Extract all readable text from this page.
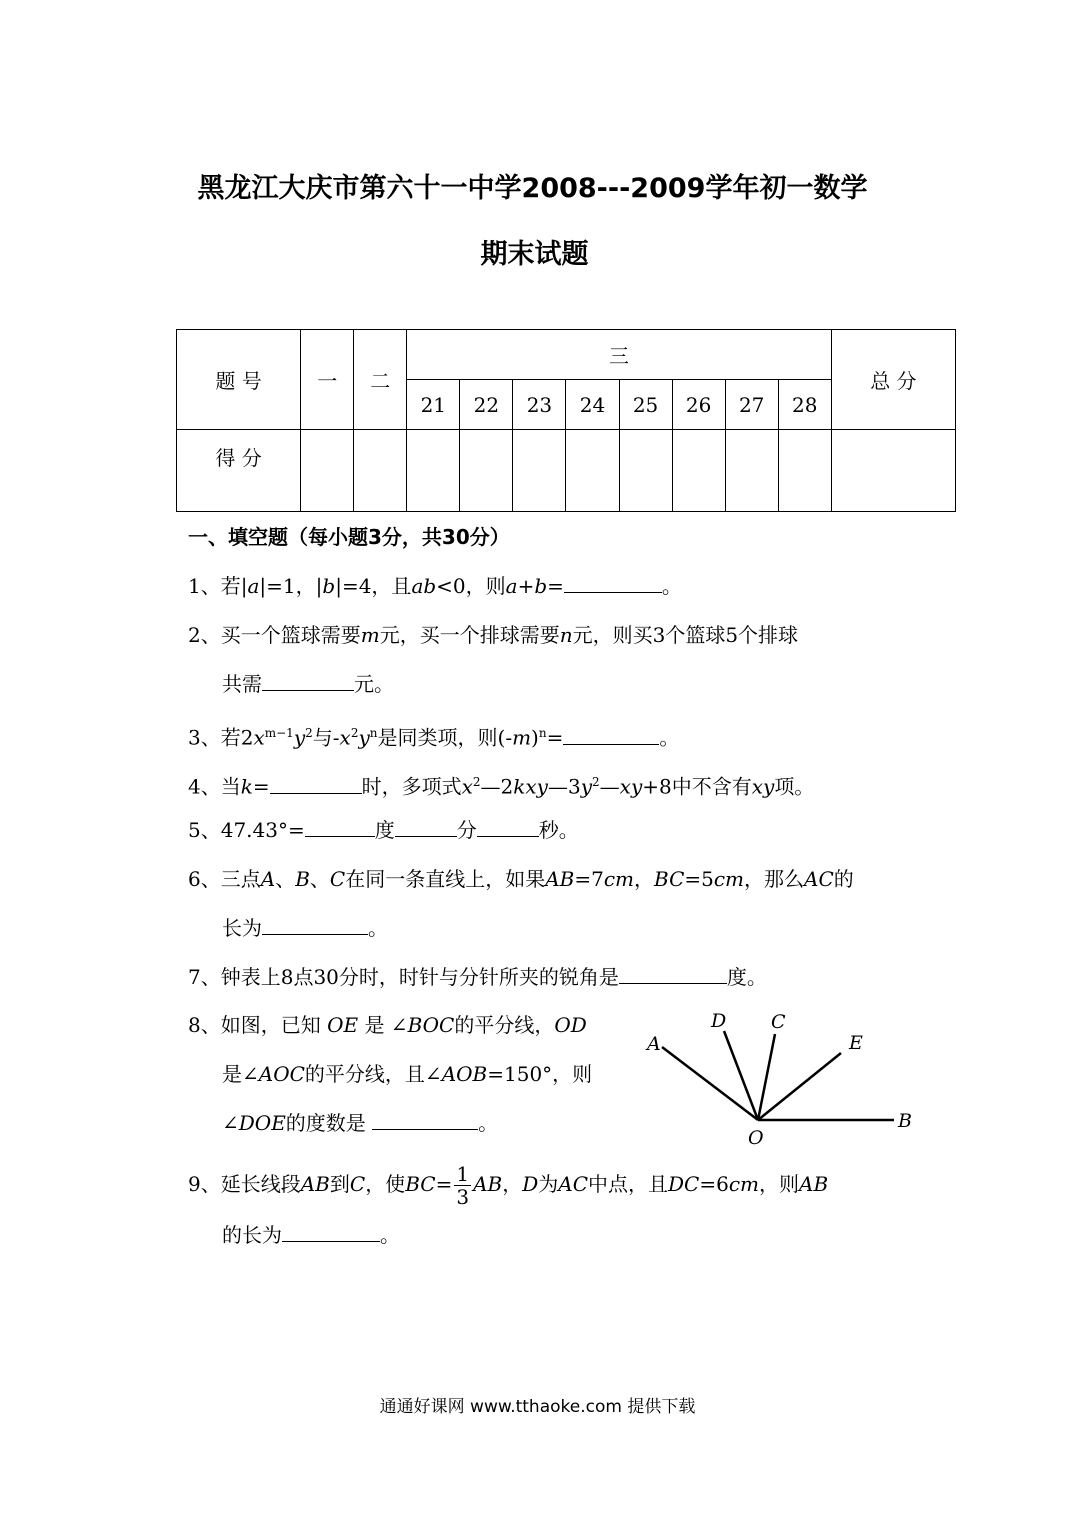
黑龙江大庆市第六十一中学2008---2009学年初一数学
期末试题
题 号	一	二	三								总 分
			21	22	23	24	25	26	27	28	
得 分											
一、填空题（每小题3分，共30分）
1、若|a|=1，|b|=4，且ab<0，则a+b=	。
2、买一个篮球需要m元，买一个排球需要n元，则买3个篮球5个排球
共需	元。
3、若$2x^{m-1}y^2$与$-x^2y^n$是同类项，则$(-m)^n=$	。
4、当k=	时，多项式$x^2—2kxy—3y^2—xy+8$中不含有xy项。
5、47.43°=	度	分	秒。
6、三点A、B、C在同一条直线上，如果AB=7cm，BC=5cm，那么AC的
长为	。
7、钟表上8点30分时，时针与分针所夹的锐角是	度。
8、如图，已知 OE 是 ∠BOC的平分线，OD
是∠AOC的平分线，且∠AOB=150°，则
∠DOE的度数是	。
A
D C
E
B
O
9、延长线段AB到C，使$BC= \frac{1}{3}$ AB，D为AC中点，且DC=6cm，则AB
的长为	。
通通好课网 www.tthaoke.com 提供下载
